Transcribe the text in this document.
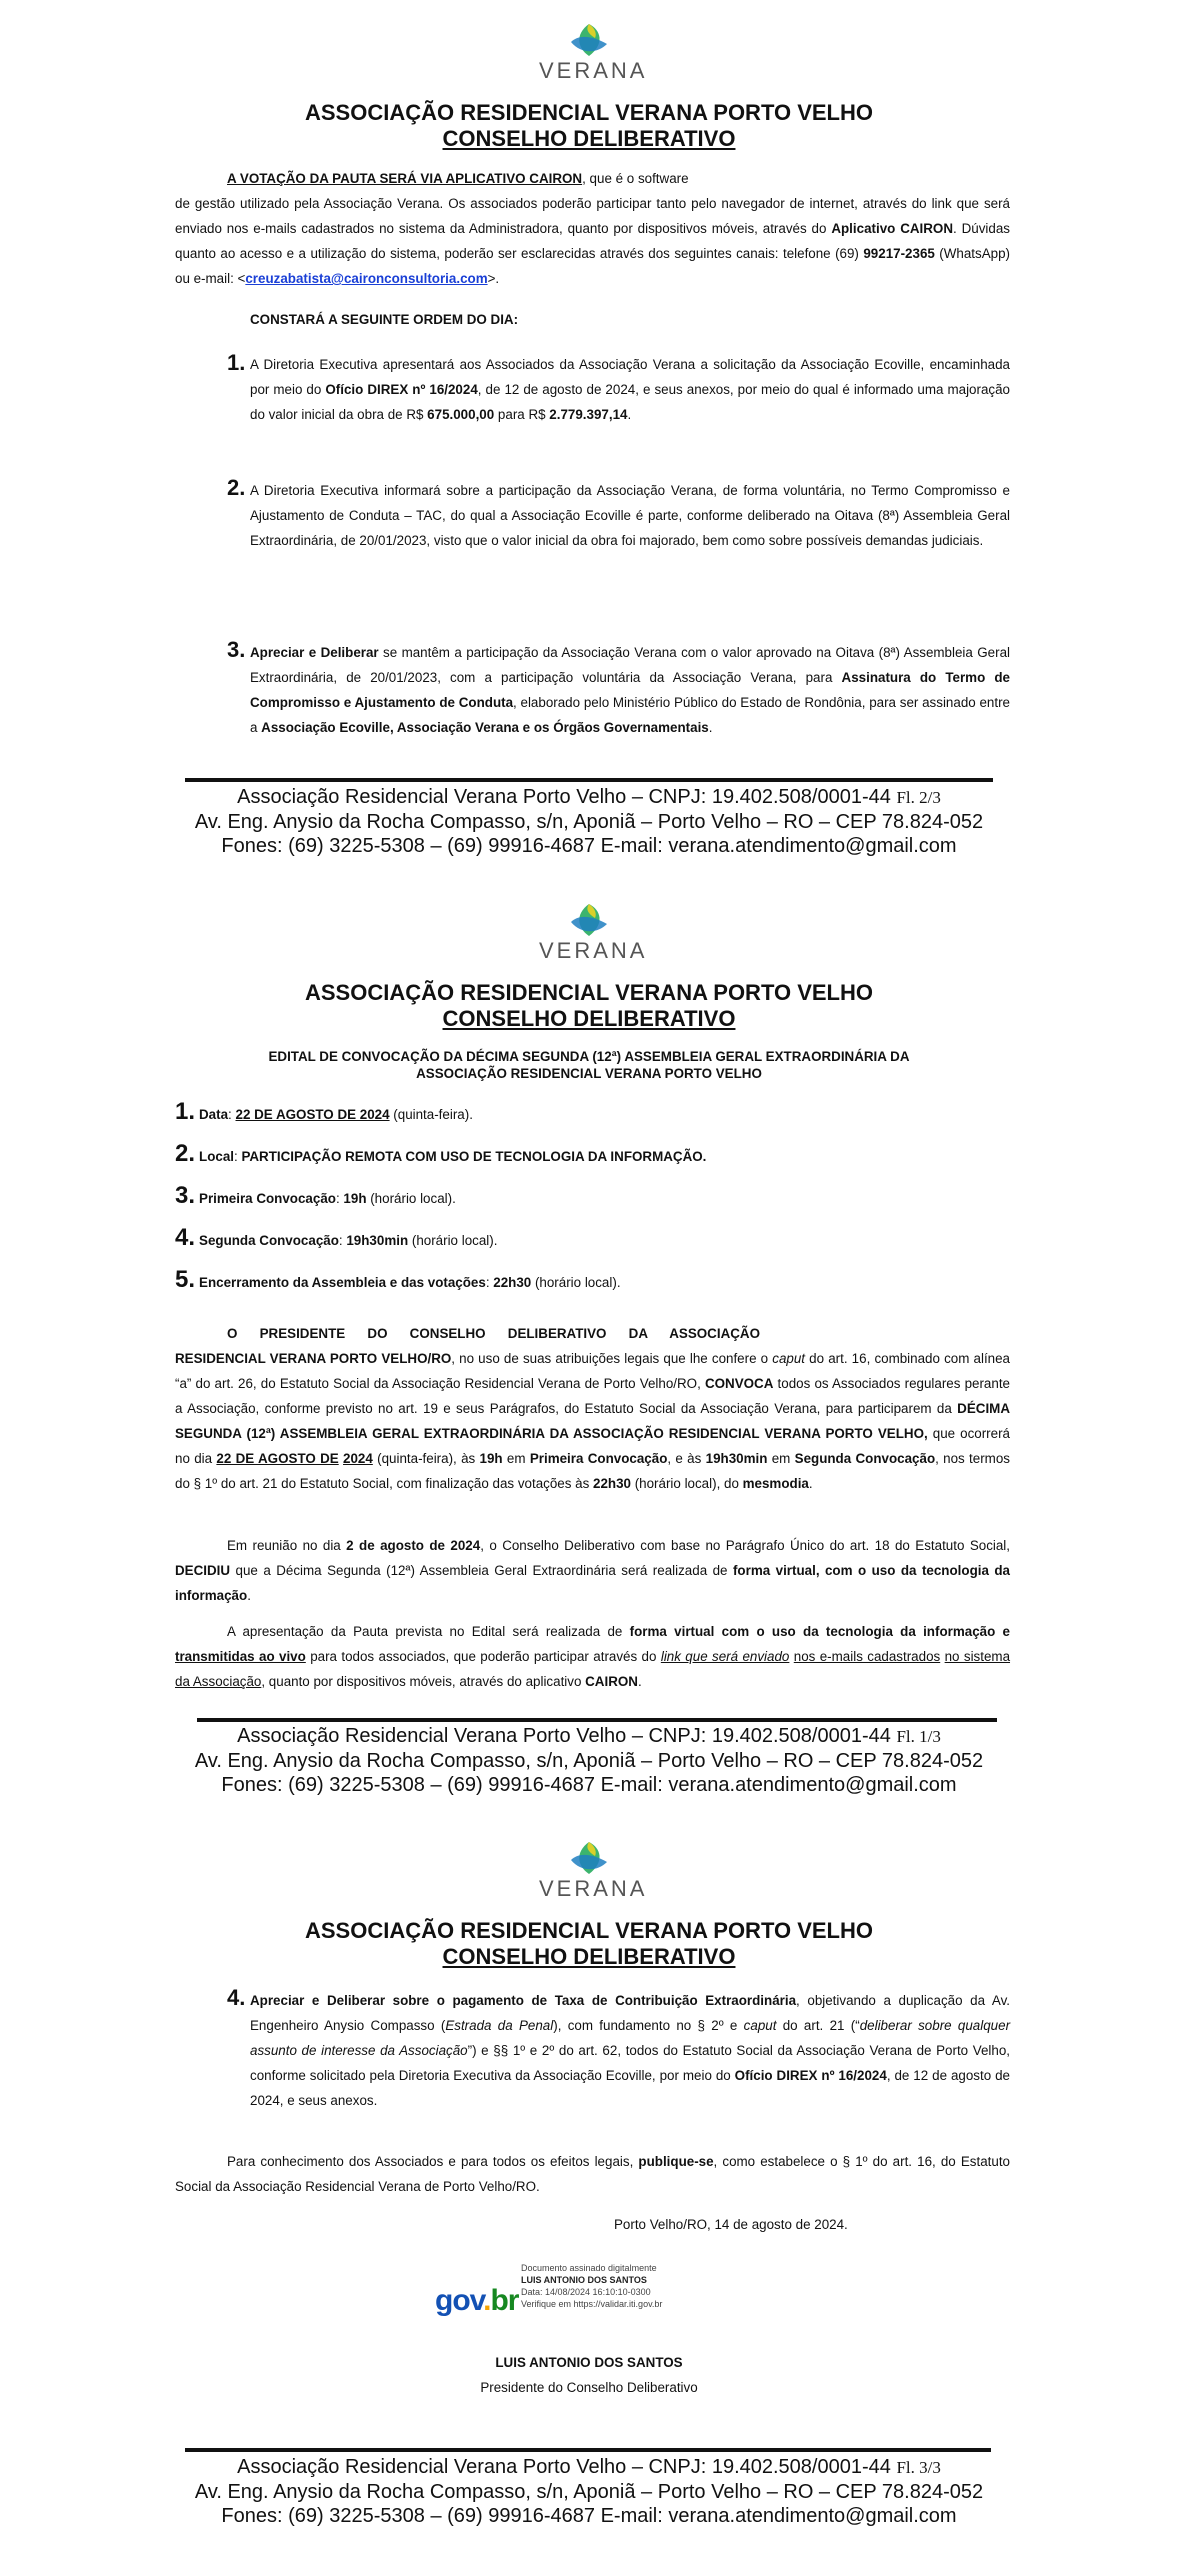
VERANA
ASSOCIAÇÃO RESIDENCIAL VERANA PORTO VELHO
CONSELHO DELIBERATIVO
A VOTAÇÃO DA PAUTA SERÁ VIA APLICATIVO CAIRON, que é o software
de gestão utilizado pela Associação Verana. Os associados poderão participar tanto pelo navegador de internet, através do link que será enviado nos e-mails cadastrados no sistema da Administradora, quanto por dispositivos móveis, através do Aplicativo CAIRON. Dúvidas quanto ao acesso e a utilização do sistema, poderão ser esclarecidas através dos seguintes canais: telefone (69) 99217-2365 (WhatsApp) ou e-mail: <creuzabatista@caironconsultoria.com>.
CONSTARÁ A SEGUINTE ORDEM DO DIA:
1. A Diretoria Executiva apresentará aos Associados da Associação Verana a solicitação da Associação Ecoville, encaminhada por meio do Ofício DIREX nº 16/2024, de 12 de agosto de 2024, e seus anexos, por meio do qual é informado uma majoração do valor inicial da obra de R$ 675.000,00 para R$ 2.779.397,14.
2. A Diretoria Executiva informará sobre a participação da Associação Verana, de forma voluntária, no Termo Compromisso e Ajustamento de Conduta – TAC, do qual a Associação Ecoville é parte, conforme deliberado na Oitava (8ª) Assembleia Geral Extraordinária, de 20/01/2023, visto que o valor inicial da obra foi majorado, bem como sobre possíveis demandas judiciais.
3. Apreciar e Deliberar se mantêm a participação da Associação Verana com o valor aprovado na Oitava (8ª) Assembleia Geral Extraordinária, de 20/01/2023, com a participação voluntária da Associação Verana, para Assinatura do Termo de Compromisso e Ajustamento de Conduta, elaborado pelo Ministério Público do Estado de Rondônia, para ser assinado entre a Associação Ecoville, Associação Verana e os Órgãos Governamentais.
Associação Residencial Verana Porto Velho – CNPJ: 19.402.508/0001-44 Fl. 2/3
Av. Eng. Anysio da Rocha Compasso, s/n, Aponiã – Porto Velho – RO – CEP 78.824-052
Fones: (69) 3225-5308 – (69) 99916-4687 E-mail: verana.atendimento@gmail.com
VERANA
ASSOCIAÇÃO RESIDENCIAL VERANA PORTO VELHO
CONSELHO DELIBERATIVO
EDITAL DE CONVOCAÇÃO DA DÉCIMA SEGUNDA (12ª) ASSEMBLEIA GERAL EXTRAORDINÁRIA DA ASSOCIAÇÃO RESIDENCIAL VERANA PORTO VELHO
1. Data: 22 DE AGOSTO DE 2024 (quinta-feira).
2. Local: PARTICIPAÇÃO REMOTA COM USO DE TECNOLOGIA DA INFORMAÇÃO.
3. Primeira Convocação: 19h (horário local).
4. Segunda Convocação: 19h30min (horário local).
5. Encerramento da Assembleia e das votações: 22h30 (horário local).
O PRESIDENTE DO CONSELHO DELIBERATIVO DA ASSOCIAÇÃO
RESIDENCIAL VERANA PORTO VELHO/RO, no uso de suas atribuições legais que lhe confere o caput do art. 16, combinado com alínea “a” do art. 26, do Estatuto Social da Associação Residencial Verana de Porto Velho/RO, CONVOCA todos os Associados regulares perante a Associação, conforme previsto no art. 19 e seus Parágrafos, do Estatuto Social da Associação Verana, para participarem da DÉCIMA SEGUNDA (12ª) ASSEMBLEIA GERAL EXTRAORDINÁRIA DA ASSOCIAÇÃO RESIDENCIAL VERANA PORTO VELHO, que ocorrerá no dia 22 DE AGOSTO DE 2024 (quinta-feira), às 19h em Primeira Convocação, e às 19h30min em Segunda Convocação, nos termos do § 1º do art. 21 do Estatuto Social, com finalização das votações às 22h30 (horário local), do mesmodia.
Em reunião no dia 2 de agosto de 2024, o Conselho Deliberativo com base no Parágrafo Único do art. 18 do Estatuto Social, DECIDIU que a Décima Segunda (12ª) Assembleia Geral Extraordinária será realizada de forma virtual, com o uso da tecnologia da informação.
A apresentação da Pauta prevista no Edital será realizada de forma virtual com o uso da tecnologia da informação e transmitidas ao vivo para todos associados, que poderão participar através do link que será enviado nos e-mails cadastrados no sistema da Associação, quanto por dispositivos móveis, através do aplicativo CAIRON.
Associação Residencial Verana Porto Velho – CNPJ: 19.402.508/0001-44 Fl. 1/3
Av. Eng. Anysio da Rocha Compasso, s/n, Aponiã – Porto Velho – RO – CEP 78.824-052
Fones: (69) 3225-5308 – (69) 99916-4687 E-mail: verana.atendimento@gmail.com
VERANA
ASSOCIAÇÃO RESIDENCIAL VERANA PORTO VELHO
CONSELHO DELIBERATIVO
4. Apreciar e Deliberar sobre o pagamento de Taxa de Contribuição Extraordinária, objetivando a duplicação da Av. Engenheiro Anysio Compasso (Estrada da Penal), com fundamento no § 2º e caput do art. 21 (“deliberar sobre qualquer assunto de interesse da Associação”) e §§ 1º e 2º do art. 62, todos do Estatuto Social da Associação Verana de Porto Velho, conforme solicitado pela Diretoria Executiva da Associação Ecoville, por meio do Ofício DIREX nº 16/2024, de 12 de agosto de 2024, e seus anexos.
Para conhecimento dos Associados e para todos os efeitos legais, publique-se, como estabelece o § 1º do art. 16, do Estatuto Social da Associação Residencial Verana de Porto Velho/RO.
Porto Velho/RO, 14 de agosto de 2024.
gov.br
Documento assinado digitalmente
LUIS ANTONIO DOS SANTOS
Data: 14/08/2024 16:10:10-0300
Verifique em https://validar.iti.gov.br
LUIS ANTONIO DOS SANTOS
Presidente do Conselho Deliberativo
Associação Residencial Verana Porto Velho – CNPJ: 19.402.508/0001-44 Fl. 3/3
Av. Eng. Anysio da Rocha Compasso, s/n, Aponiã – Porto Velho – RO – CEP 78.824-052
Fones: (69) 3225-5308 – (69) 99916-4687 E-mail: verana.atendimento@gmail.com
